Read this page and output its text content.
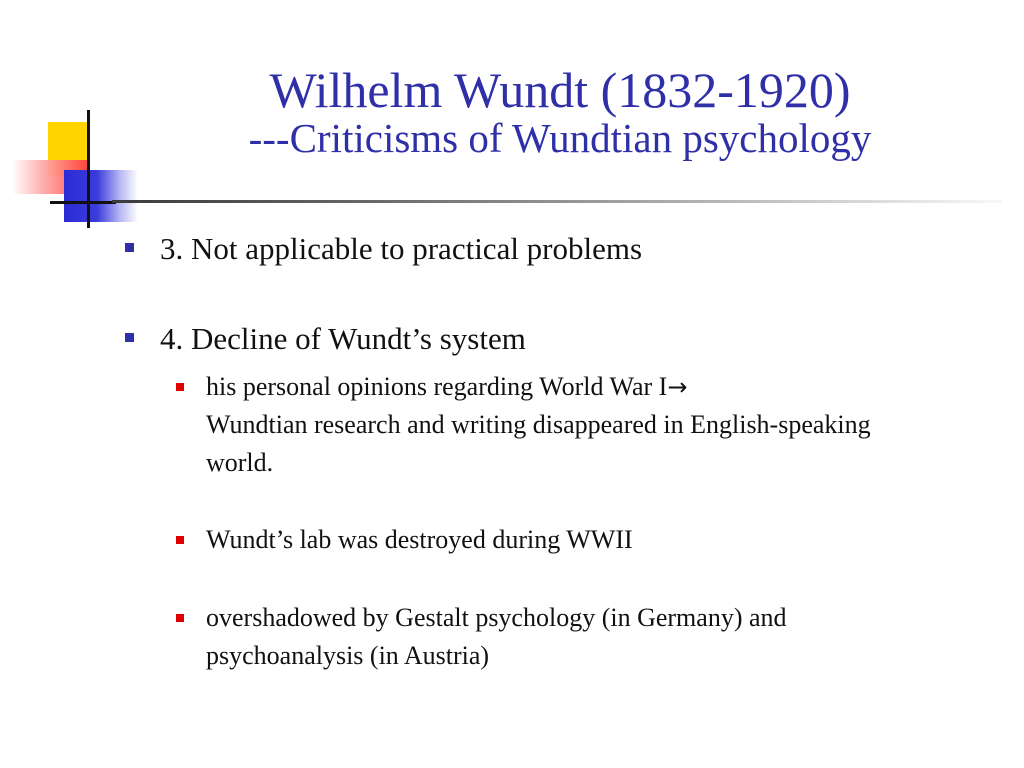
Wilhelm Wundt (1832-1920)
---Criticisms of Wundtian psychology
3. Not applicable to practical problems
4. Decline of Wundt’s system
his personal opinions regarding World War I→
Wundtian research and writing disappeared in English-speaking world.
Wundt’s lab was destroyed during WWII
overshadowed by Gestalt psychology (in Germany) and psychoanalysis (in Austria)
